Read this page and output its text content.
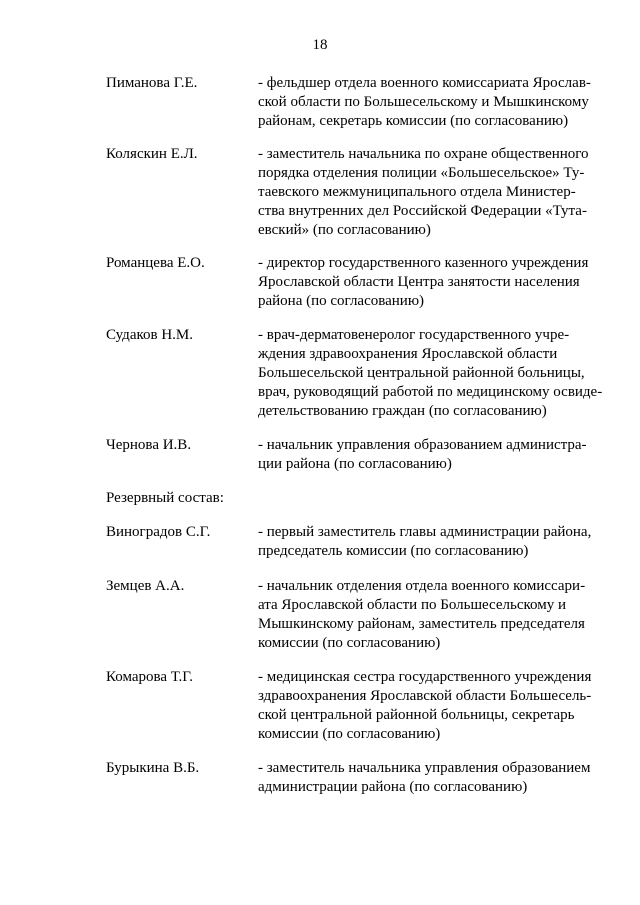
18
Пиманова Г.Е.	- фельдшер отдела военного комиссариата Ярослав-
ской области по Большесельскому и Мышкинскому
районам, секретарь комиссии (по согласованию)
Коляскин Е.Л.	- заместитель начальника по охране общественного
порядка отделения полиции «Большесельское» Ту-
таевского межмуниципального отдела Министер-
ства внутренних дел Российской Федерации «Тута-
евский» (по согласованию)
Романцева Е.О.	- директор государственного казенного учреждения
Ярославской области Центра занятости населения
района (по согласованию)
Судаков Н.М.	- врач-дерматовенеролог государственного учре-
ждения здравоохранения Ярославской области
Большесельской центральной районной больницы,
врач, руководящий работой по медицинскому освиде-
детельствованию граждан (по согласованию)
Чернова И.В.	- начальник управления образованием администра-
ции района (по согласованию)
Резервный состав:
Виноградов С.Г.	- первый заместитель главы администрации района,
председатель комиссии (по согласованию)
Земцев А.А.	- начальник отделения отдела военного комиссари-
ата Ярославской области по Большесельскому и
Мышкинскому районам, заместитель председателя
комиссии (по согласованию)
Комарова Т.Г.	- медицинская сестра государственного учреждения
здравоохранения Ярославской области Большесель-
ской центральной районной больницы, секретарь
комиссии (по согласованию)
Бурыкина В.Б.	- заместитель начальника управления образованием
администрации района (по согласованию)
